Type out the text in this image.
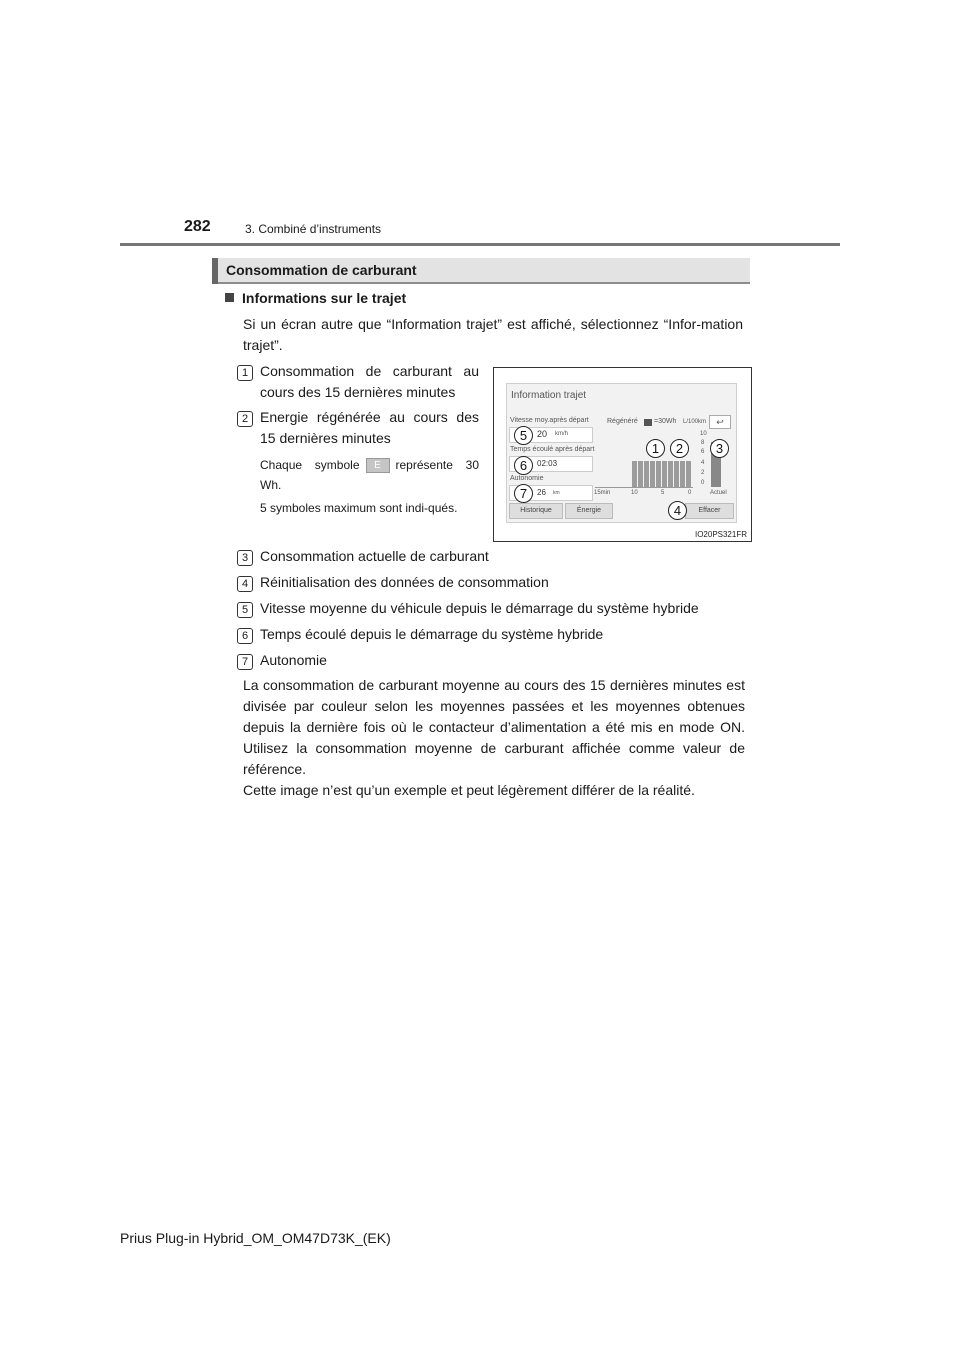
282	3. Combiné d’instruments
Consommation de carburant
Informations sur le trajet
Si un écran autre que “Information trajet” est affiché, sélectionnez “Infor-mation trajet”.
1 Consommation de carburant au cours des 15 dernières minutes
2 Energie régénérée au cours des 15 dernières minutes
Chaque symbole E représente 30 Wh.
5 symboles maximum sont indi-qués.
Information trajet
↩
Vitesse moy.après départ
20 km/h
Temps écoulé après départ
02:03
Autonomie
26 km
Régénéré =30Wh L/100km
10
8
6
4
2
0
15min	10	5	0	Actuel
Historique	Énergie	Effacer
5
6
7
1	2	3
4
IO20PS321FR
3 Consommation actuelle de carburant
4 Réinitialisation des données de consommation
5 Vitesse moyenne du véhicule depuis le démarrage du système hybride
6 Temps écoulé depuis le démarrage du système hybride
7 Autonomie
La consommation de carburant moyenne au cours des 15 dernières minutes est divisée par couleur selon les moyennes passées et les moyennes obtenues depuis la dernière fois où le contacteur d’alimentation a été mis en mode ON. Utilisez la consommation moyenne de carburant affichée comme valeur de référence.
Cette image n’est qu’un exemple et peut légèrement différer de la réalité.
Prius Plug-in Hybrid_OM_OM47D73K_(EK)
